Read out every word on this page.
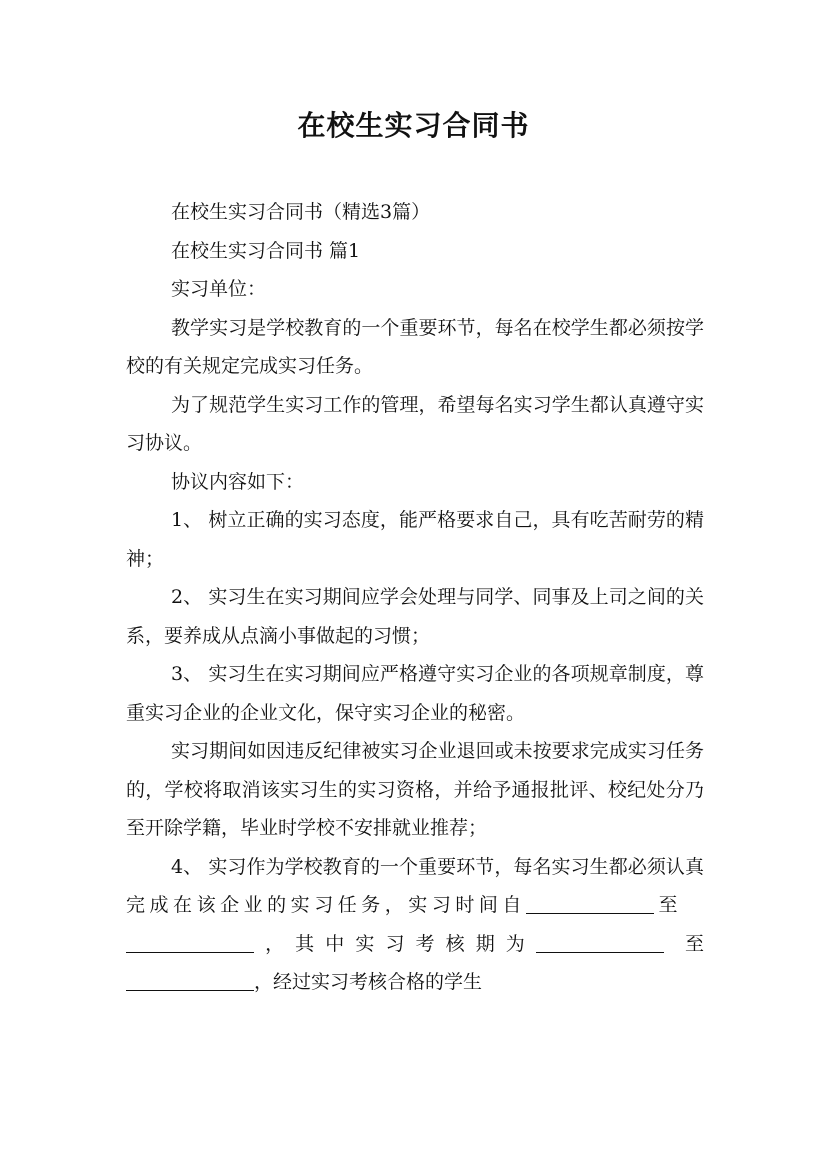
在校生实习合同书

在校生实习合同书（精选3篇）

在校生实习合同书 篇1

实习单位：

教学实习是学校教育的一个重要环节，每名在校学生都必须按学校的有关规定完成实习任务。

为了规范学生实习工作的管理，希望每名实习学生都认真遵守实习协议。

协议内容如下：

1、 树立正确的实习态度，能严格要求自己，具有吃苦耐劳的精神；

2、 实习生在实习期间应学会处理与同学、同事及上司之间的关系，要养成从点滴小事做起的习惯；

3、 实习生在实习期间应严格遵守实习企业的各项规章制度，尊重实习企业的企业文化，保守实习企业的秘密。

实习期间如因违反纪律被实习企业退回或未按要求完成实习任务的，学校将取消该实习生的实习资格，并给予通报批评、校纪处分乃至开除学籍，毕业时学校不安排就业推荐；

4、 实习作为学校教育的一个重要环节，每名实习生都必须认真完成在该企业的实习任务，实习时间自	至，其中实习考核期为	至，经过实习考核合格的学生
